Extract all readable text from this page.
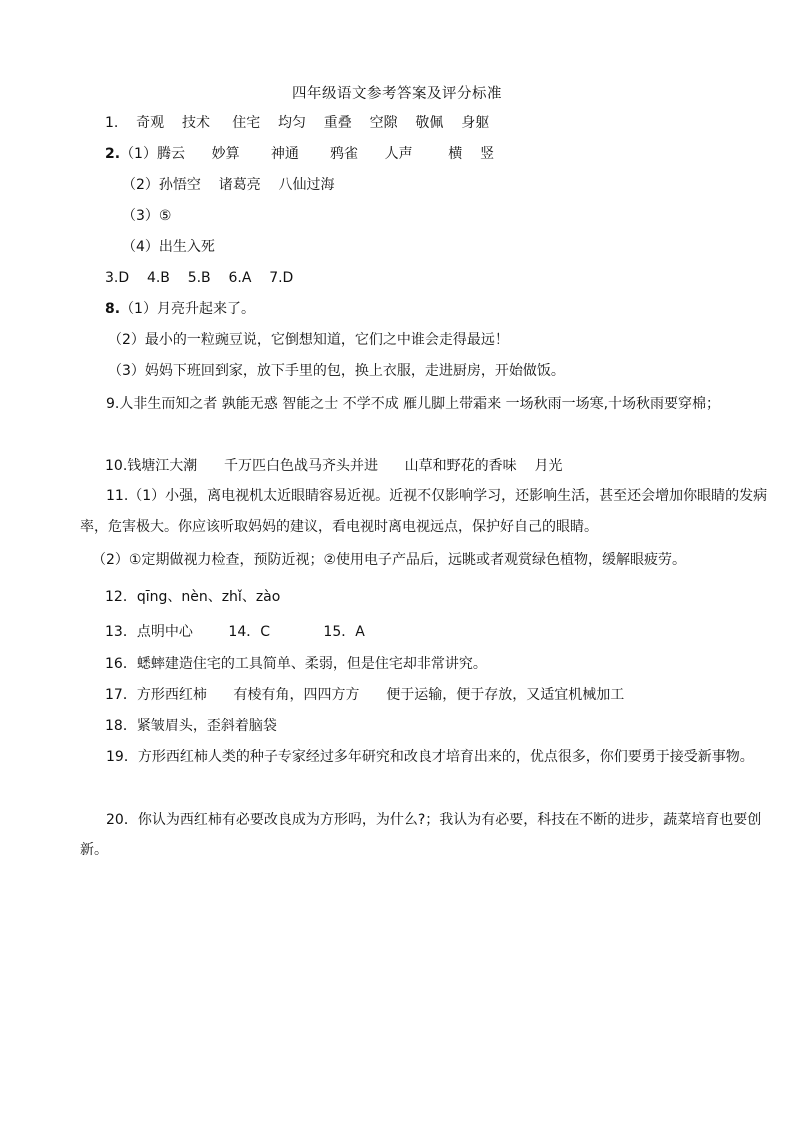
四年级语文参考答案及评分标准
1.    奇观    技术     住宅    均匀    重叠    空隙    敬佩    身躯
2.（1）腾云      妙算       神通       鸦雀      人声        横    竖
（2）孙悟空    诸葛亮    八仙过海
（3）⑤
（4）出生入死
3.D    4.B    5.B    6.A    7.D
8.（1）月亮升起来了。
（2）最小的一粒豌豆说，它倒想知道，它们之中谁会走得最远！
（3）妈妈下班回到家，放下手里的包，换上衣服，走进厨房，开始做饭。
9.人非生而知之者 孰能无惑 智能之士 不学不成 雁儿脚上带霜来 一场秋雨一场寒,十场秋雨要穿棉；
10.钱塘江大潮      千万匹白色战马齐头并进      山草和野花的香味    月光
11.（1）小强，离电视机太近眼睛容易近视。近视不仅影响学习，还影响生活，甚至还会增加你眼睛的发病率，危害极大。你应该听取妈妈的建议，看电视时离电视远点，保护好自己的眼睛。
（2）①定期做视力检查，预防近视；②使用电子产品后，远眺或者观赏绿色植物，缓解眼疲劳。
12．qīng、nèn、zhǐ、zào
13．点明中心        14．C            15．A
16．蟋蟀建造住宅的工具简单、柔弱，但是住宅却非常讲究。
17．方形西红柿      有棱有角，四四方方      便于运输，便于存放，又适宜机械加工
18．紧皱眉头，歪斜着脑袋
19．方形西红柿人类的种子专家经过多年研究和改良才培育出来的，优点很多，你们要勇于接受新事物。
20．你认为西红柿有必要改良成为方形吗，为什么?；我认为有必要，科技在不断的进步，蔬菜培育也要创新。
